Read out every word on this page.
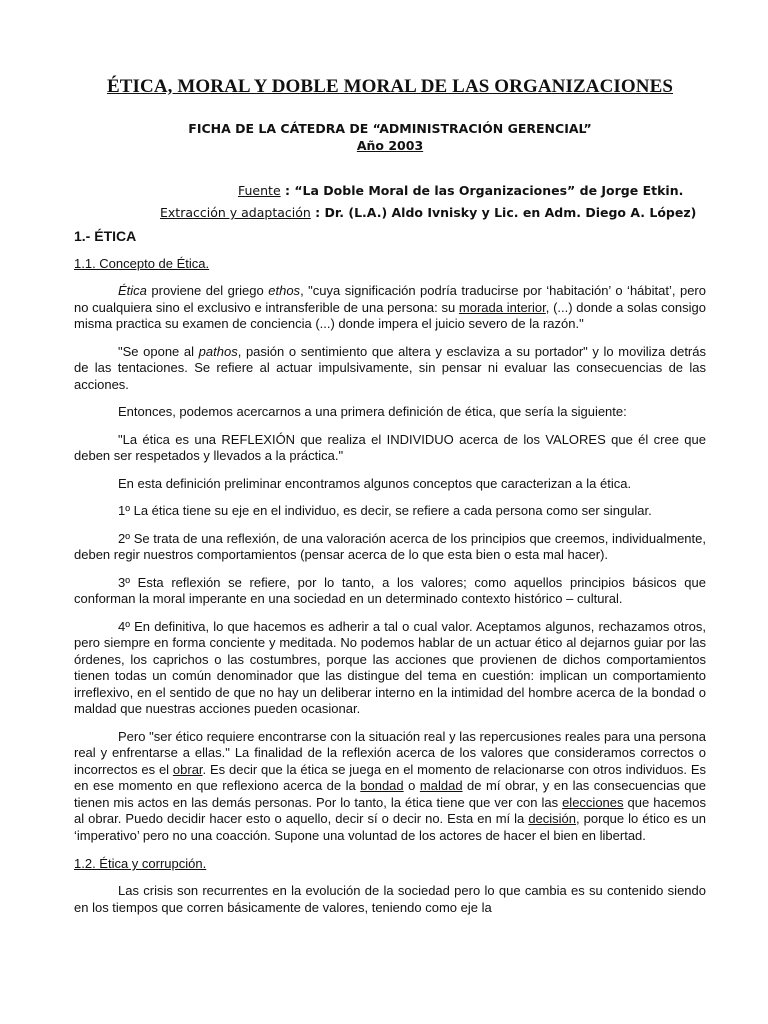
ÉTICA, MORAL Y DOBLE MORAL DE LAS ORGANIZACIONES
FICHA DE LA CÁTEDRA DE “ADMINISTRACIÓN GERENCIAL”
Año 2003
Fuente : “La Doble Moral de las Organizaciones” de Jorge Etkin.
Extracción y adaptación : Dr. (L.A.) Aldo Ivnisky y Lic. en Adm. Diego A. López)
1.- ÉTICA
1.1. Concepto de Ética.

Ética proviene del griego ethos, "cuya significación podría traducirse por ‘habitación’ o ‘hábitat’, pero no cualquiera sino el exclusivo e intransferible de una persona: su morada interior, (...) donde a solas consigo misma practica su examen de conciencia (...) donde impera el juicio severo de la razón."

"Se opone al pathos, pasión o sentimiento que altera y esclaviza a su portador" y lo moviliza detrás de las tentaciones. Se refiere al actuar impulsivamente, sin pensar ni evaluar las consecuencias de las acciones.

Entonces, podemos acercarnos a una primera definición de ética, que sería la siguiente:

"La ética es una REFLEXIÓN que realiza el INDIVIDUO acerca de los VALORES que él cree que deben ser respetados y llevados a la práctica."

En esta definición preliminar encontramos algunos conceptos que caracterizan a la ética.

1º La ética tiene su eje en el individuo, es decir, se refiere a cada persona como ser singular.

2º Se trata de una reflexión, de una valoración acerca de los principios que creemos, individualmente, deben regir nuestros comportamientos (pensar acerca de lo que esta bien o esta mal hacer).

3º Esta reflexión se refiere, por lo tanto, a los valores; como aquellos principios básicos que conforman la moral imperante en una sociedad en un determinado contexto histórico – cultural.

4º En definitiva, lo que hacemos es adherir a tal o cual valor. Aceptamos algunos, rechazamos otros, pero siempre en forma conciente y meditada. No podemos hablar de un actuar ético al dejarnos guiar por las órdenes, los caprichos o las costumbres, porque las acciones que provienen de dichos comportamientos tienen todas un común denominador que las distingue del tema en cuestión: implican un comportamiento irreflexivo, en el sentido de que no hay un deliberar interno en la intimidad del hombre acerca de la bondad o maldad que nuestras acciones pueden ocasionar.

Pero "ser ético requiere encontrarse con la situación real y las repercusiones reales para una persona real y enfrentarse a ellas." La finalidad de la reflexión acerca de los valores que consideramos correctos o incorrectos es el obrar. Es decir que la ética se juega en el momento de relacionarse con otros individuos. Es en ese momento en que reflexiono acerca de la bondad o maldad de mí obrar, y en las consecuencias que tienen mis actos en las demás personas. Por lo tanto, la ética tiene que ver con las elecciones que hacemos al obrar. Puedo decidir hacer esto o aquello, decir sí o decir no. Esta en mí la decisión, porque lo ético es un ‘imperativo’ pero no una coacción. Supone una voluntad de los actores de hacer el bien en libertad.

1.2. Ética y corrupción.

Las crisis son recurrentes en la evolución de la sociedad pero lo que cambia es su contenido siendo en los tiempos que corren básicamente de valores, teniendo como eje la
